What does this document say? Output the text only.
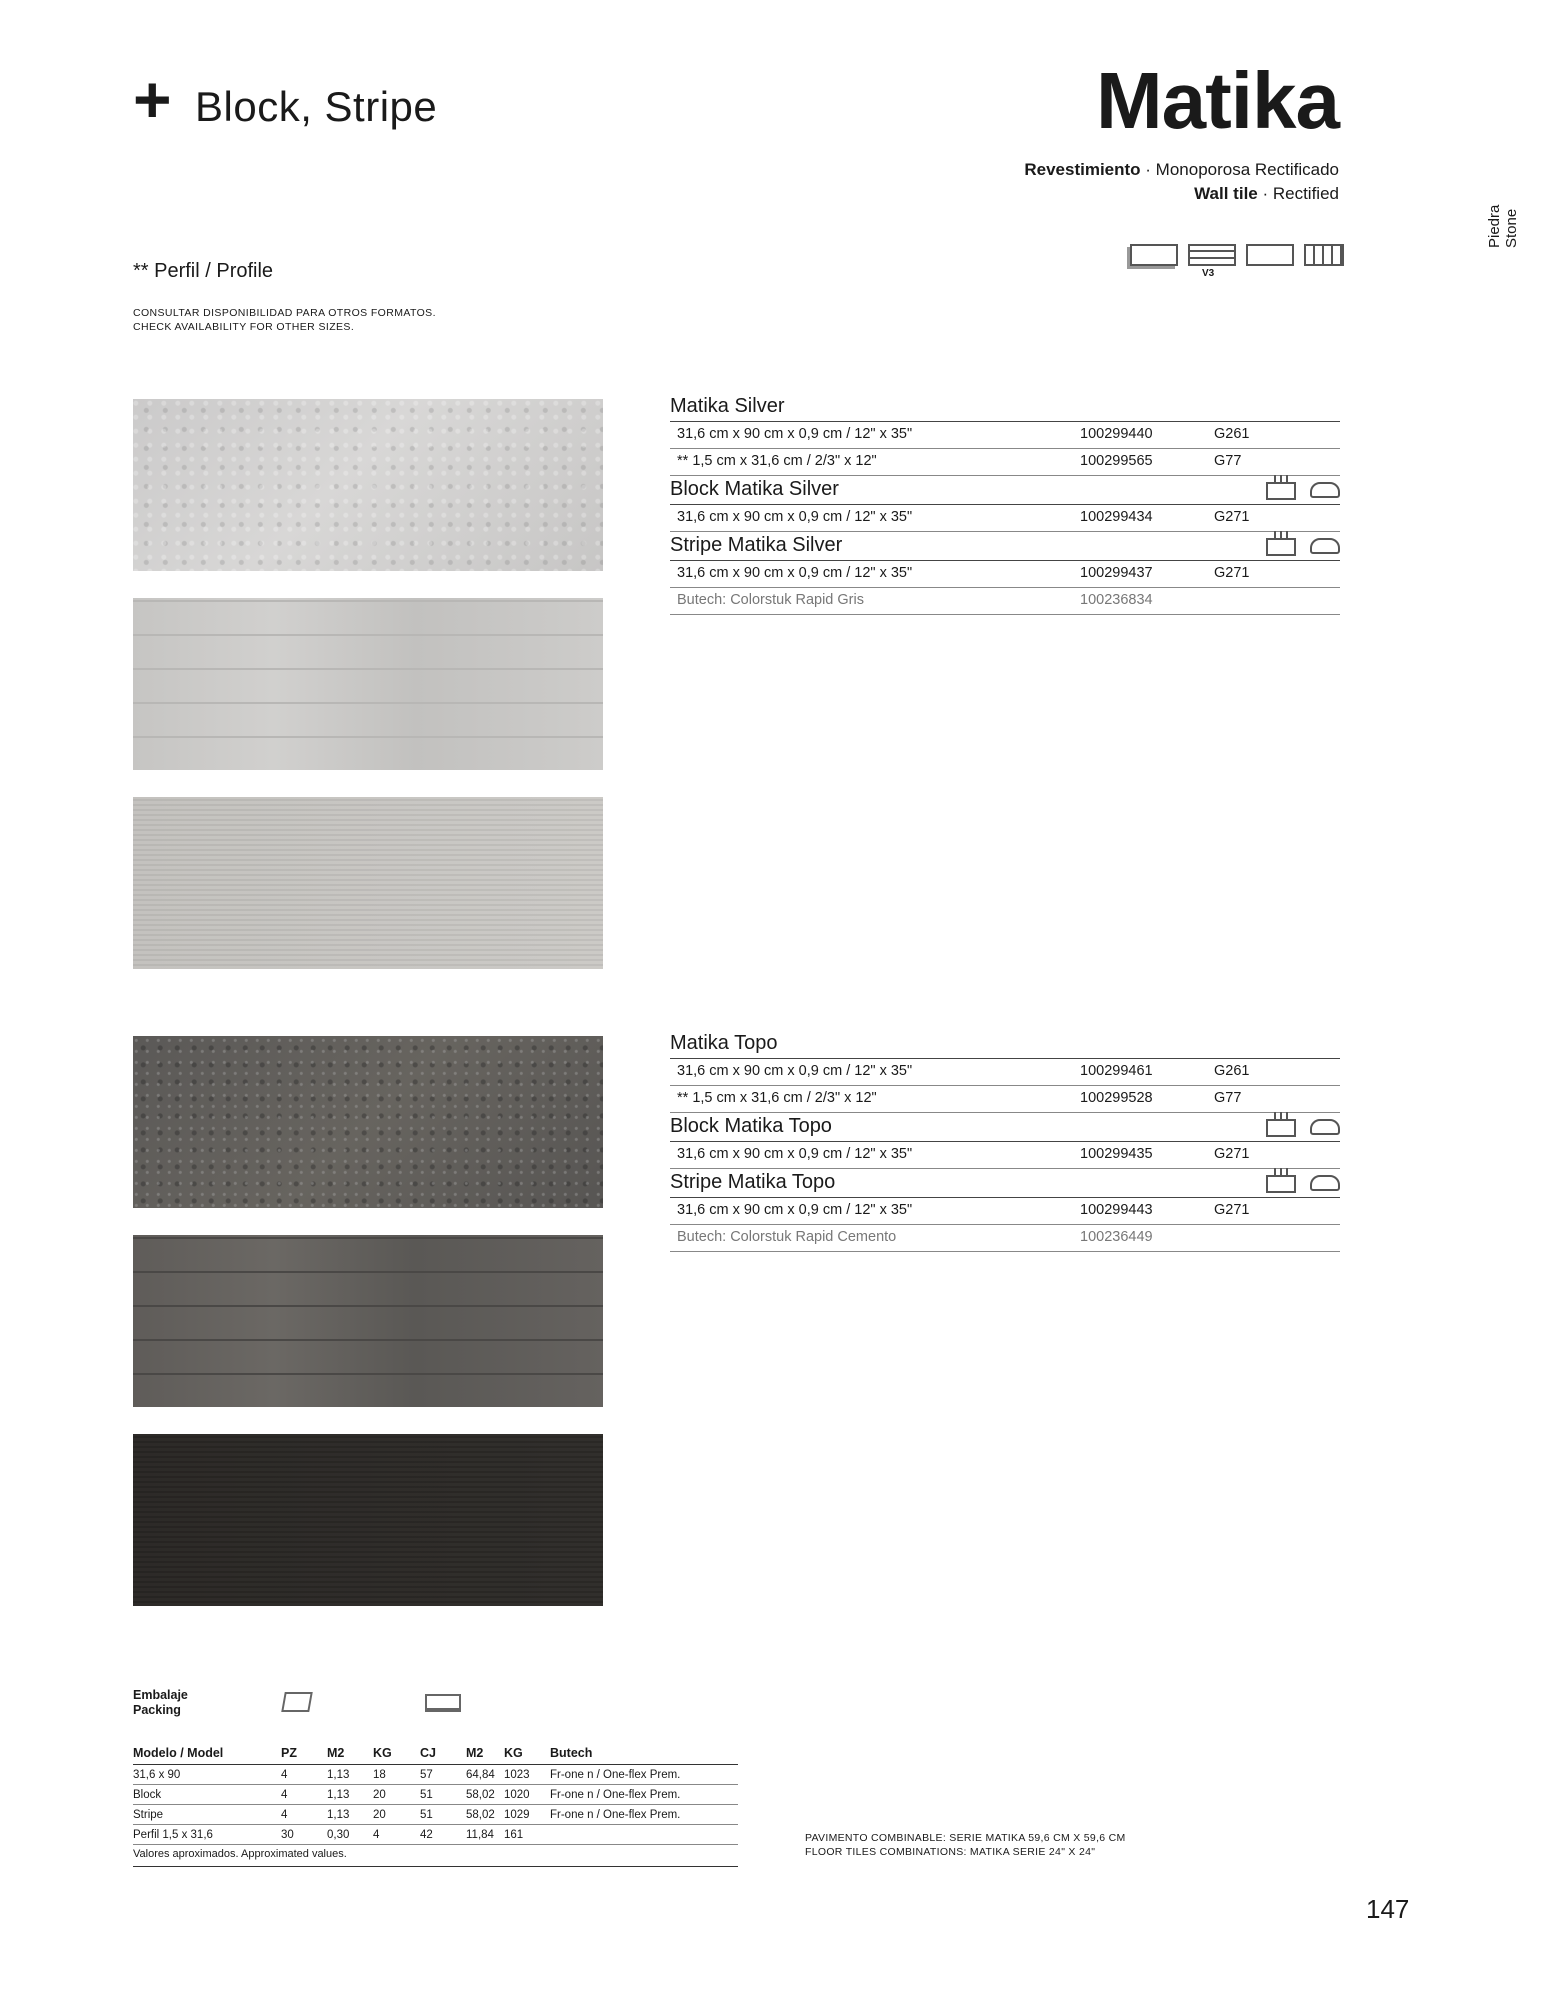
+ Block, Stripe	Matika
Revestimiento · Monoporosa Rectificado
Wall tile · Rectified
Piedra Stone
V3
** Perfil / Profile
CONSULTAR DISPONIBILIDAD PARA OTROS FORMATOS.
CHECK AVAILABILITY FOR OTHER SIZES.
Matika Silver
31,6 cm x 90 cm x 0,9 cm / 12" x 35"	100299440	G261
** 1,5 cm x 31,6 cm / 2/3" x 12"	100299565	G77
Block Matika Silver
31,6 cm x 90 cm x 0,9 cm / 12" x 35"	100299434	G271
Stripe Matika Silver
31,6 cm x 90 cm x 0,9 cm / 12" x 35"	100299437	G271
Butech: Colorstuk Rapid Gris	100236834
Matika Topo
31,6 cm x 90 cm x 0,9 cm / 12" x 35"	100299461	G261
** 1,5 cm x 31,6 cm / 2/3" x 12"	100299528	G77
Block Matika Topo
31,6 cm x 90 cm x 0,9 cm / 12" x 35"	100299435	G271
Stripe Matika Topo
31,6 cm x 90 cm x 0,9 cm / 12" x 35"	100299443	G271
Butech: Colorstuk Rapid Cemento	100236449
Embalaje
Packing
Modelo / Model	PZ	M2	KG	CJ	M2	KG	Butech
31,6 x 90	4	1,13	18	57	64,84	1023	Fr-one n / One-flex Prem.
Block	4	1,13	20	51	58,02	1020	Fr-one n / One-flex Prem.
Stripe	4	1,13	20	51	58,02	1029	Fr-one n / One-flex Prem.
Perfil 1,5 x 31,6	30	0,30	4	42	11,84	161	
Valores aproximados. Approximated values.
PAVIMENTO COMBINABLE: SERIE MATIKA 59,6 CM X 59,6 CM
FLOOR TILES COMBINATIONS: MATIKA SERIE 24" X 24"
147
